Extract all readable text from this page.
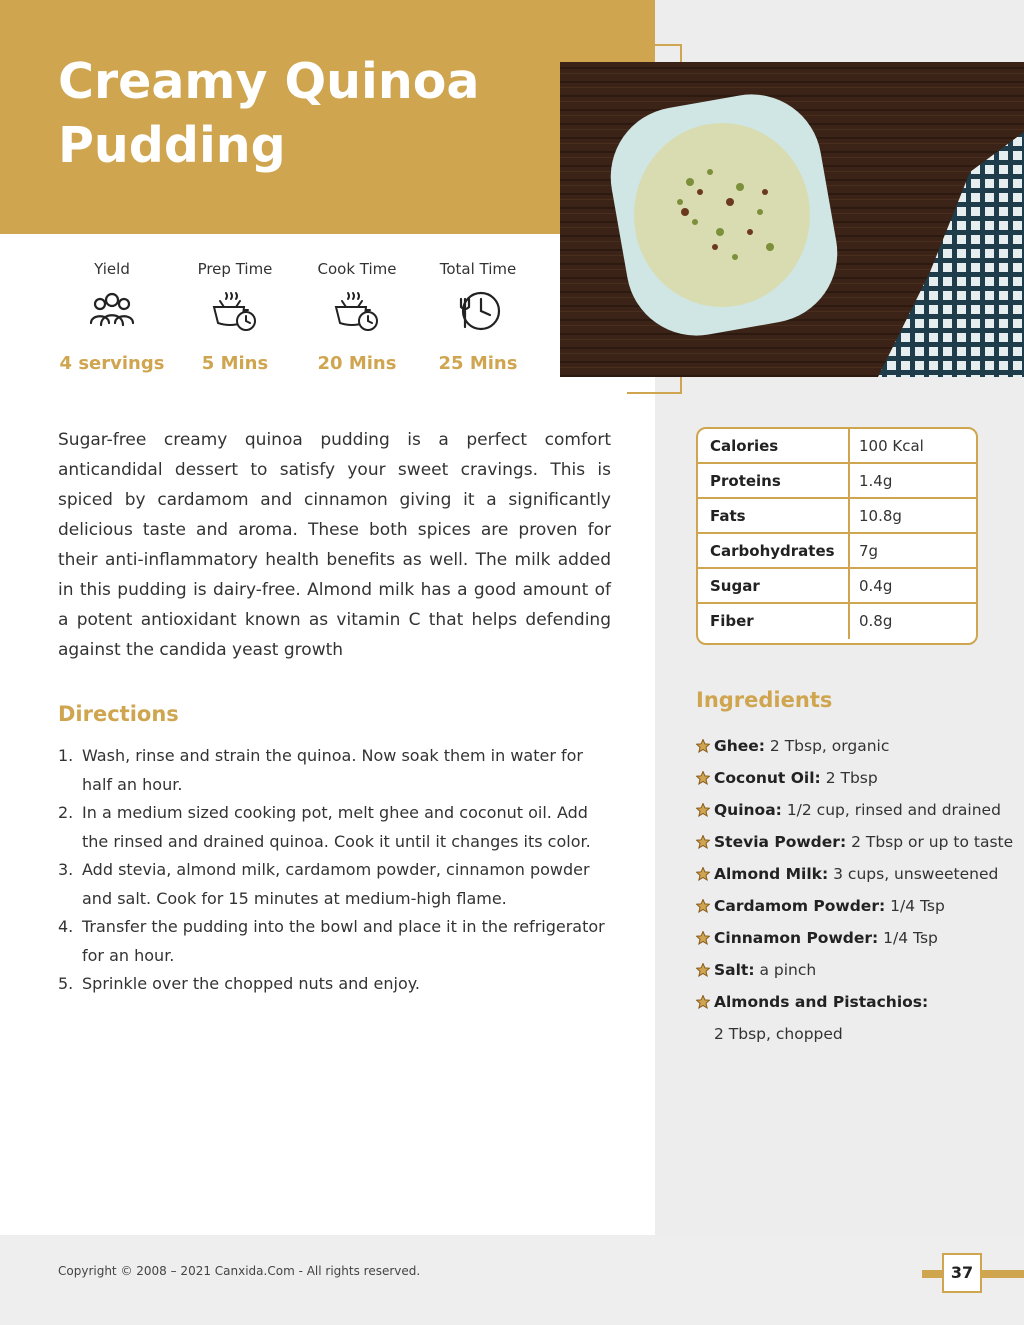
Creamy Quinoa Pudding
Yield
4 servings
Prep Time
5 Mins
Cook Time
20 Mins
Total Time
25 Mins

Sugar-free creamy quinoa pudding is a perfect comfort anticandidal dessert to satisfy your sweet cravings. This is spiced by cardamom and cinnamon giving it a significantly delicious taste and aroma. These both spices are proven for their anti-inflammatory health benefits as well. The milk added in this pudding is dairy-free. Almond milk has a good amount of a potent antioxidant known as vitamin C that helps defending against the candida yeast growth

Directions
1. Wash, rinse and strain the quinoa. Now soak them in water for half an hour.
2. In a medium sized cooking pot, melt ghee and coconut oil. Add the rinsed and drained quinoa. Cook it until it changes its color.
3. Add stevia, almond milk, cardamom powder, cinnamon powder and salt. Cook for 15 minutes at medium-high flame.
4. Transfer the pudding into the bowl and place it in the refrigerator for an hour.
5. Sprinkle over the chopped nuts and enjoy.
Calories	100 Kcal
Proteins	1.4g
Fats	10.8g
Carbohydrates	7g
Sugar	0.4g
Fiber	0.8g
Ingredients
Ghee: 2 Tbsp, organic
Coconut Oil: 2 Tbsp
Quinoa: 1/2 cup, rinsed and drained
Stevia Powder: 2 Tbsp or up to taste
Almond Milk: 3 cups, unsweetened
Cardamom Powder: 1/4 Tsp
Cinnamon Powder: 1/4 Tsp
Salt: a pinch
Almonds and Pistachios:
2 Tbsp, chopped
Copyright © 2008 – 2021 Canxida.Com - All rights reserved.	37
